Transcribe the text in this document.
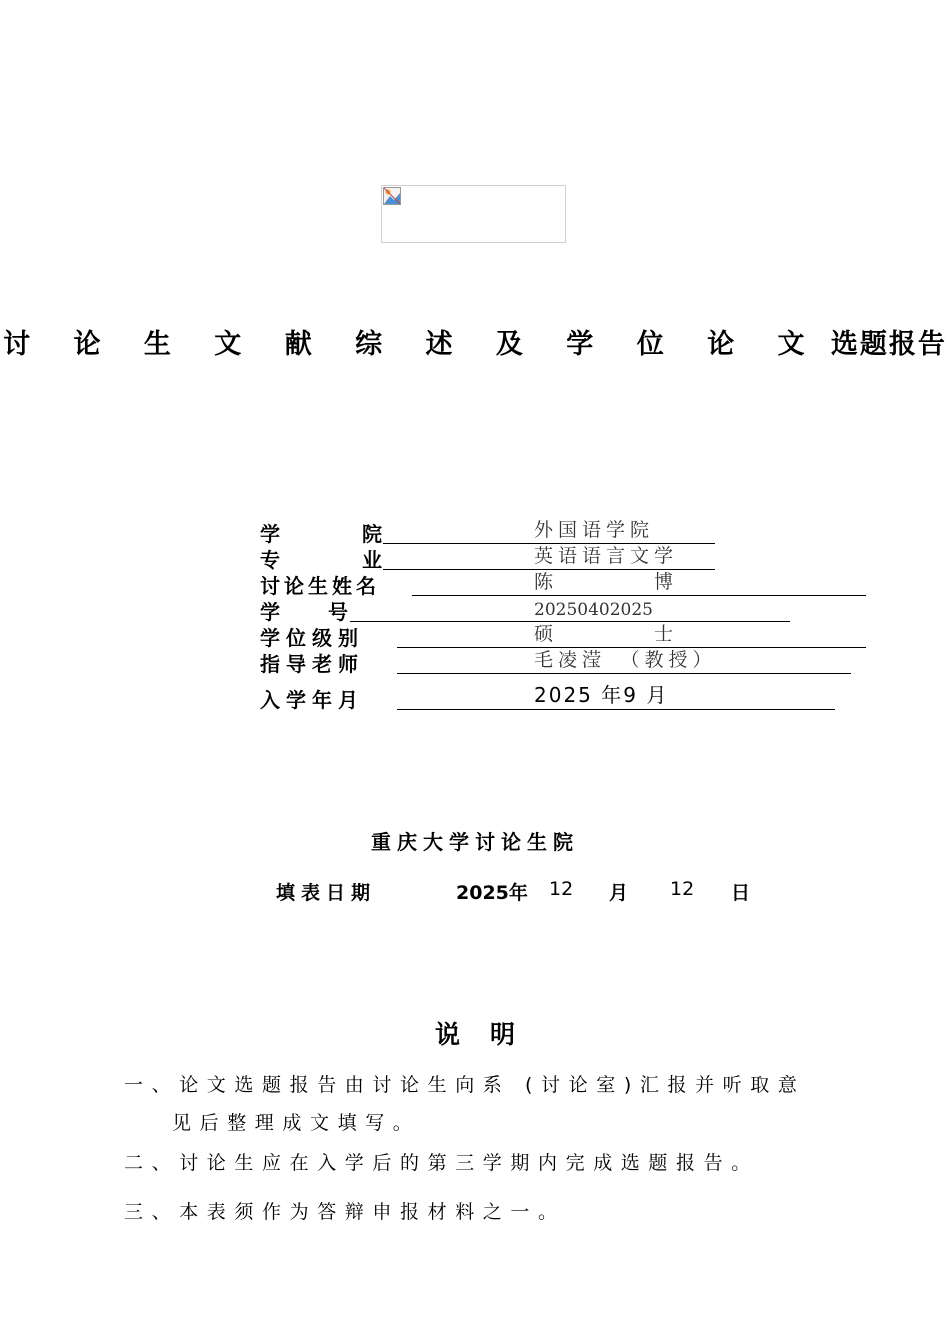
讨 论 生 文 献 综 述 及 学 位 论 文 选题报告
学　　院	外国语学院
专　　业	英语语言文学
讨论生姓名	陈　　　　博
学　号	20250402025
学位级别	硕　　　　士
指导老师	毛凌滢　（教授）
入学年月	2025 年9 月
重庆大学讨论生院
填表日期	2025年 12 月 12 日
说明
一、论文选题报告由讨论生向系 (讨论室)汇报并听取意
见后整理成文填写。
二、讨论生应在入学后的第三学期内完成选题报告。
三、本表须作为答辩申报材料之一。
